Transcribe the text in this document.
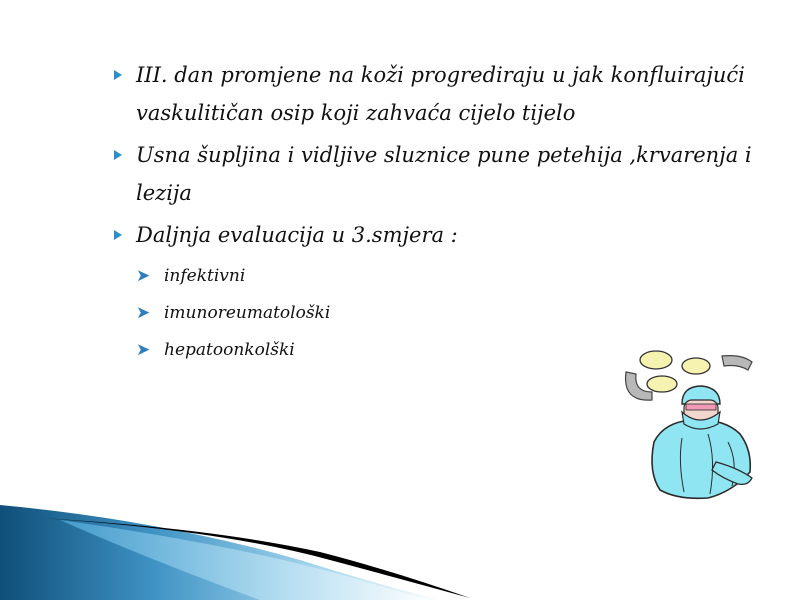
III. dan promjene na koži progrediraju u jak konfluirajući vaskulitičan osip koji zahvaća cijelo tijelo
Usna šupljina i vidljive sluznice pune petehija ,krvarenja i lezija
Daljnja evaluacija u 3.smjera :
➤ infektivni
➤ imunoreumatološki
➤ hepatoonkolški
